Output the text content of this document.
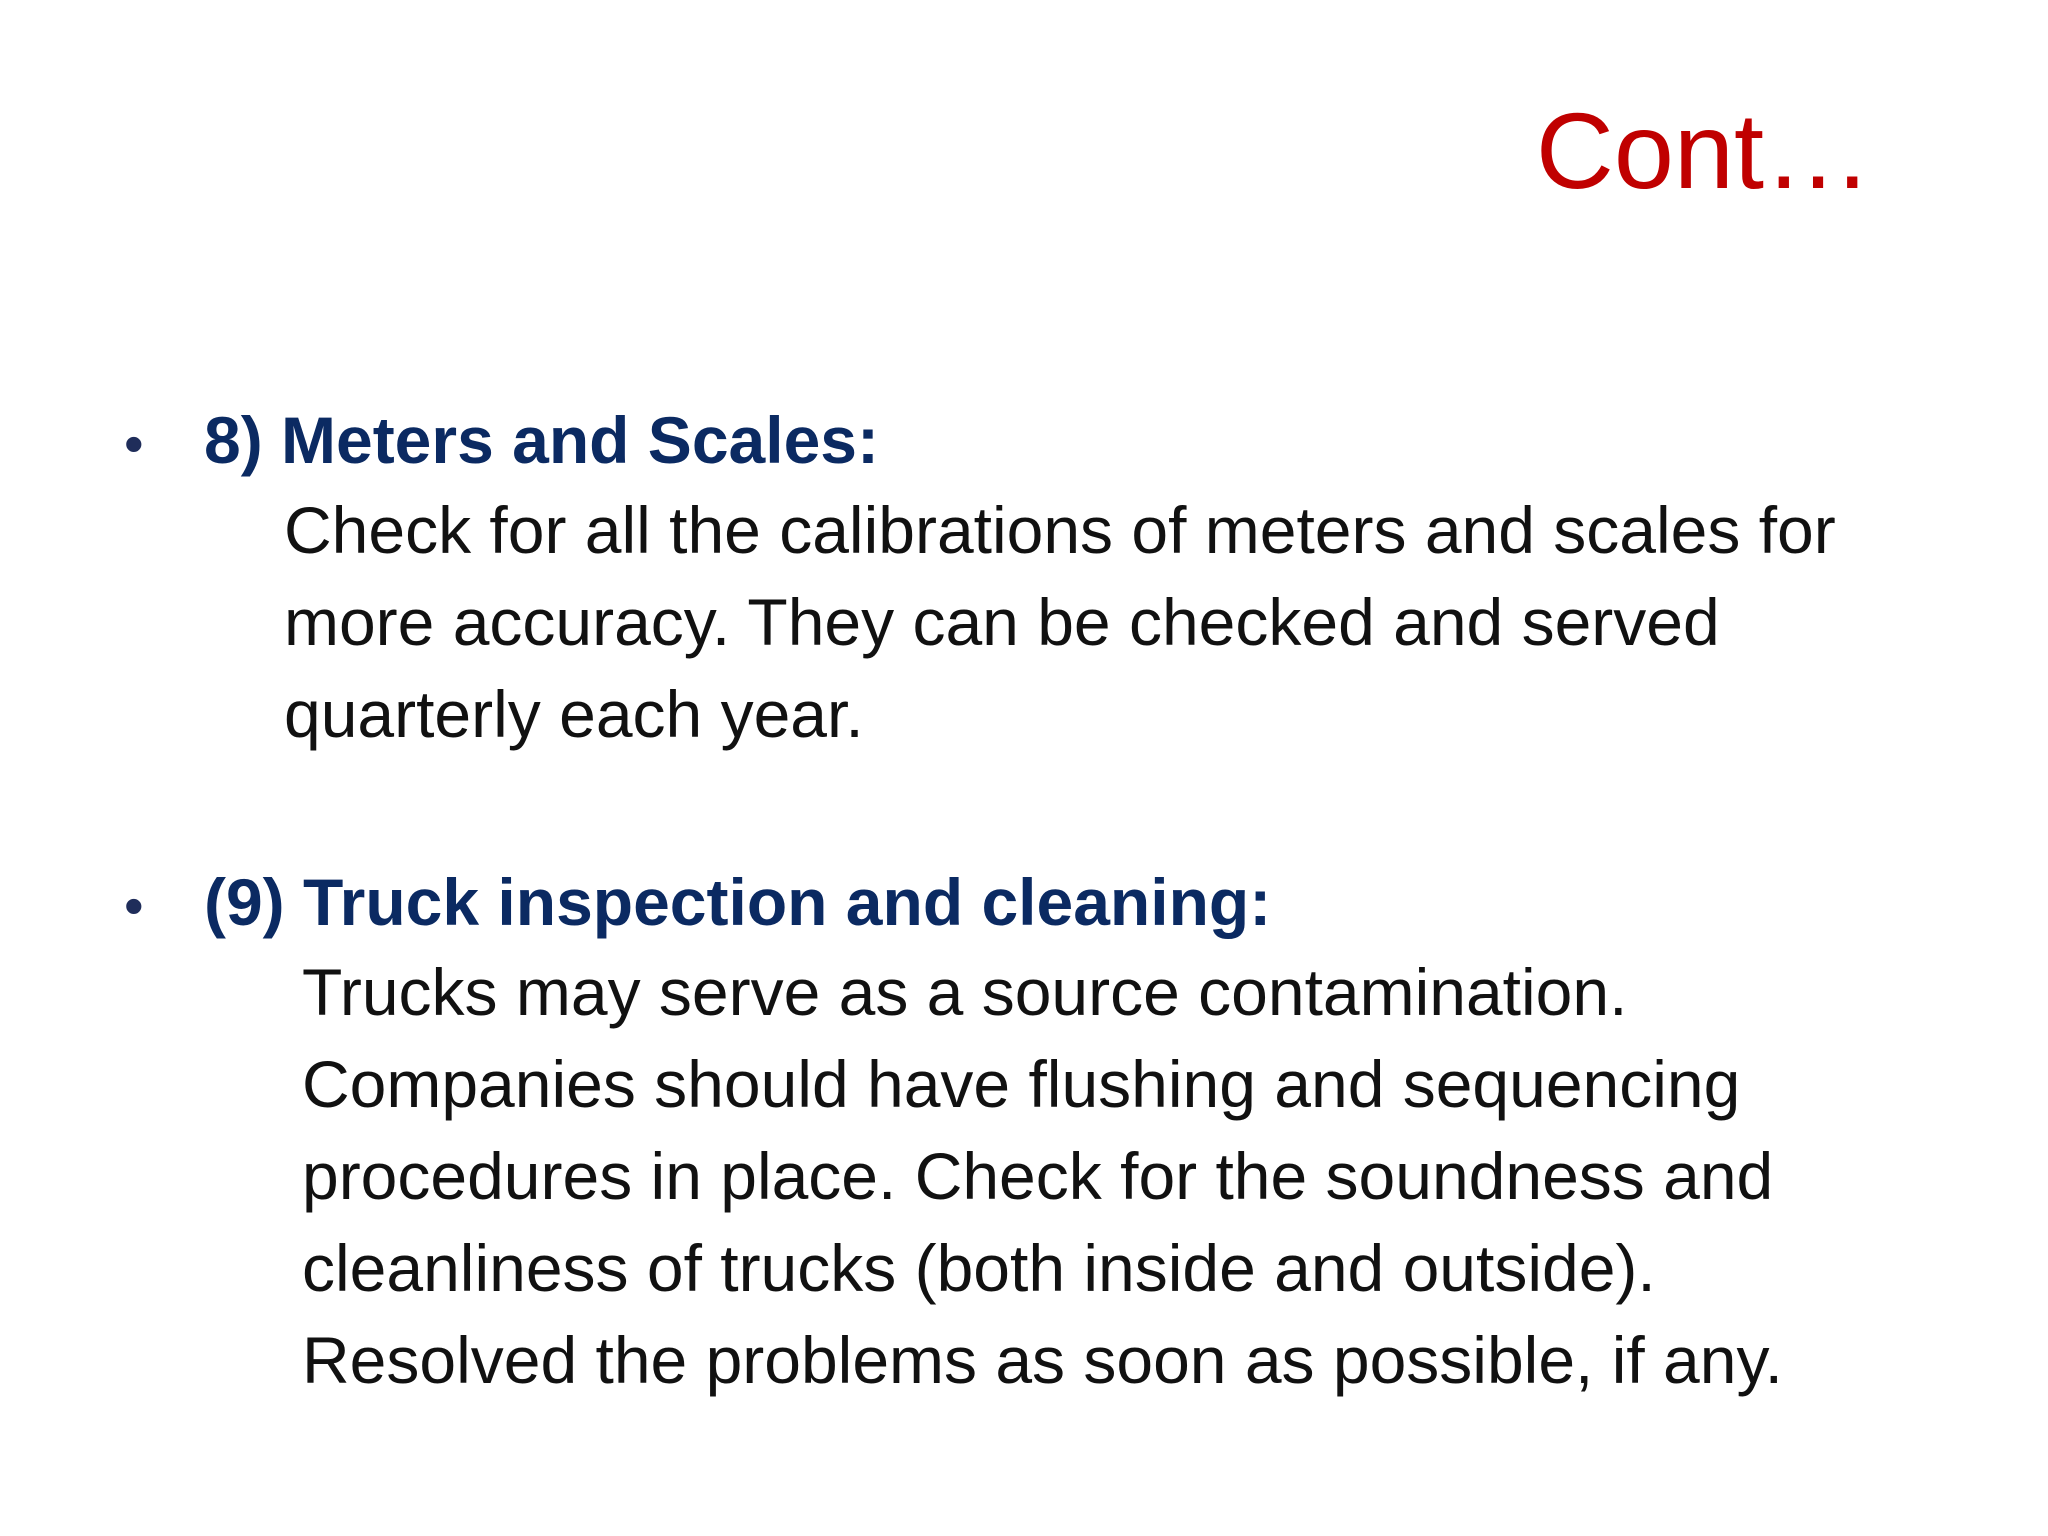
Cont…
• 8) Meters and Scales:
Check for all the calibrations of meters and scales for
more accuracy. They can be checked and served
quarterly each year.
• (9) Truck inspection and cleaning:
Trucks may serve as a source contamination.
Companies should have flushing and sequencing
procedures in place. Check for the soundness and
cleanliness of trucks (both inside and outside).
Resolved the problems as soon as possible, if any.
